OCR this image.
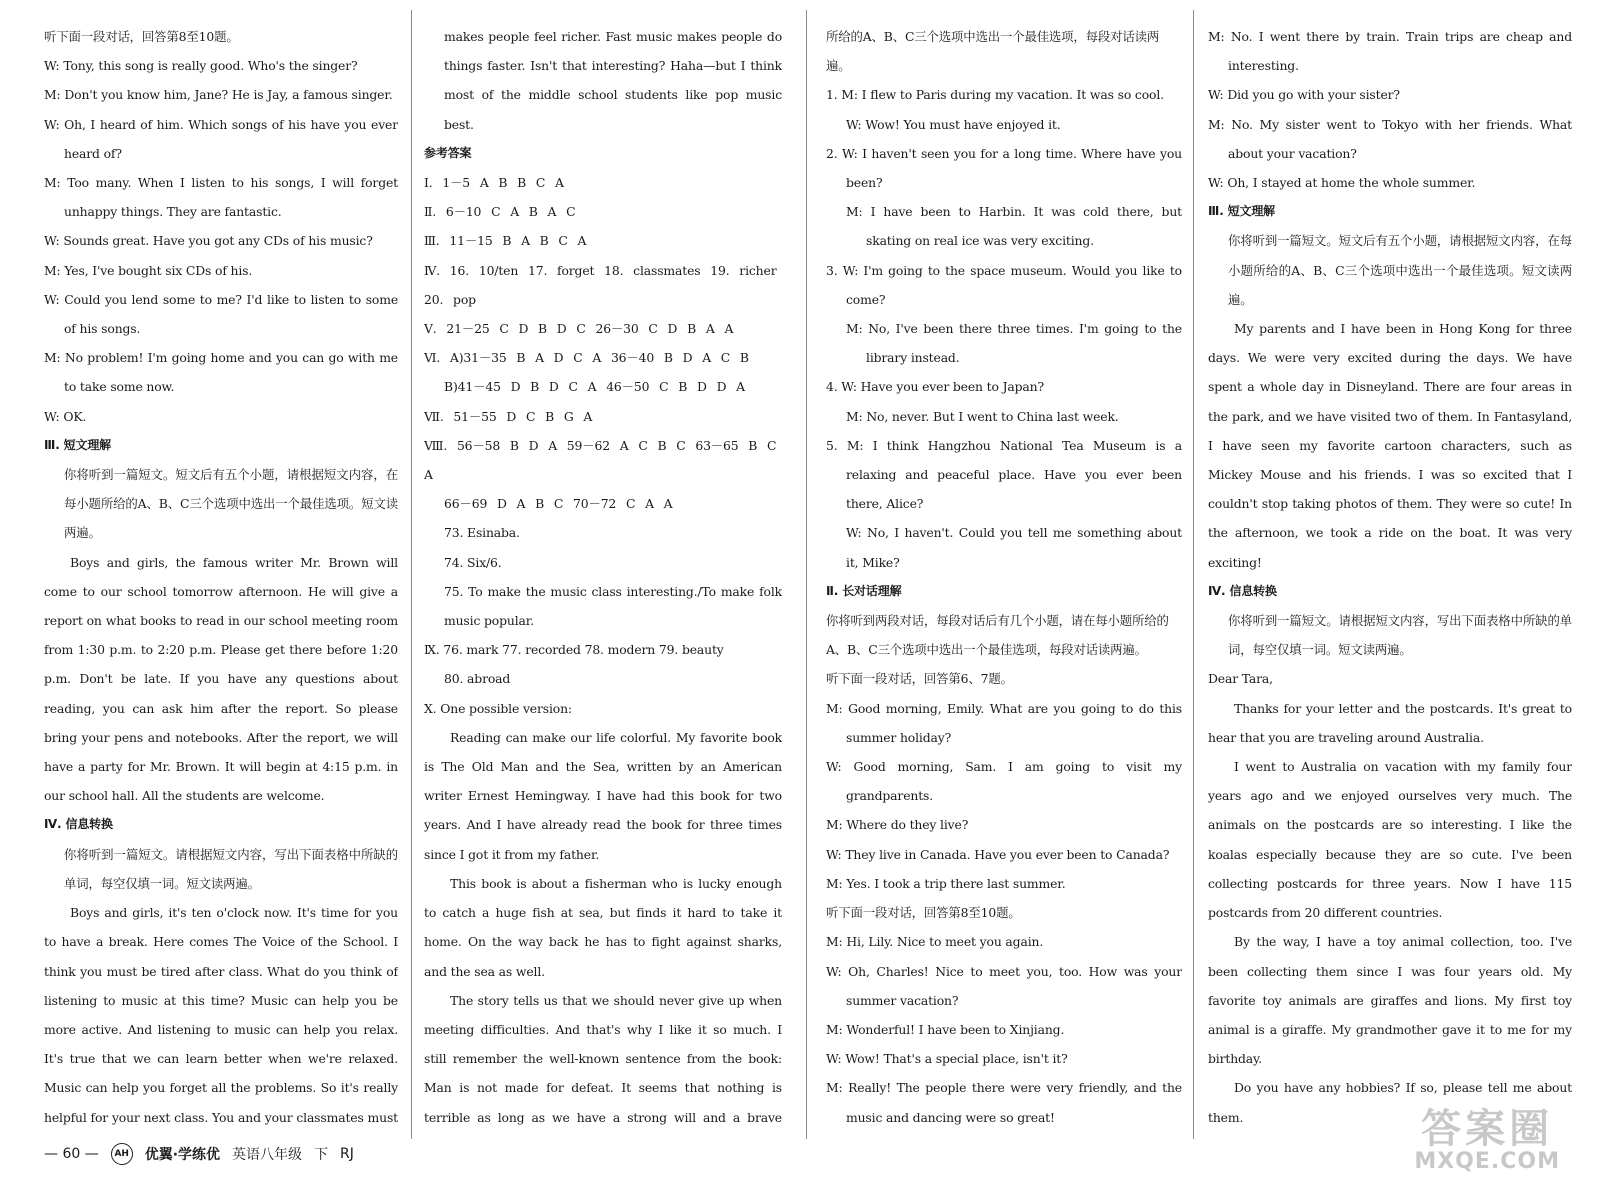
听下面一段对话，回答第8至10题。

W: Tony, this song is really good. Who's the singer?

M: Don't you know him, Jane? He is Jay, a famous singer.

W: Oh, I heard of him. Which songs of his have you ever heard of?

M: Too many. When I listen to his songs, I will forget unhappy things. They are fantastic.

W: Sounds great. Have you got any CDs of his music?

M: Yes, I've bought six CDs of his.

W: Could you lend some to me? I'd like to listen to some of his songs.

M: No problem! I'm going home and you can go with me to take some now.

W: OK.

Ⅲ. 短文理解

你将听到一篇短文。短文后有五个小题，请根据短文内容，在每小题所给的A、B、C三个选项中选出一个最佳选项。短文读两遍。

Boys and girls, the famous writer Mr. Brown will come to our school tomorrow afternoon. He will give a report on what books to read in our school meeting room from 1:30 p.m. to 2:20 p.m. Please get there before 1:20 p.m. Don't be late. If you have any questions about reading, you can ask him after the report. So please bring your pens and notebooks. After the report, we will have a party for Mr. Brown. It will begin at 4:15 p.m. in our school hall. All the students are welcome.

Ⅳ. 信息转换

你将听到一篇短文。请根据短文内容，写出下面表格中所缺的单词，每空仅填一词。短文读两遍。

Boys and girls, it's ten o'clock now. It's time for you to have a break. Here comes The Voice of the School. I think you must be tired after class. What do you think of listening to music at this time? Music can help you be more active. And listening to music can help you relax. It's true that we can learn better when we're relaxed. Music can help you forget all the problems. So it's really helpful for your next class. You and your classmates must

makes people feel richer. Fast music makes people do things faster. Isn't that interesting? Haha—but I think most of the middle school students like pop music best.

参考答案

Ⅰ. 1－5 A B B C A

Ⅱ. 6－10 C A B A C

Ⅲ. 11－15 B A B C A

Ⅳ. 16. 10/ten 17. forget 18. classmates 19. richer 20. pop

Ⅴ. 21－25 C D B D C 26－30 C D B A A

Ⅵ. A)31－35 B A D C A 36－40 B D A C B

B)41－45 D B D C A 46－50 C B D D A

Ⅶ. 51－55 D C B G A

Ⅷ. 56－58 B D A 59－62 A C B C 63－65 B C A

66－69 D A B C 70－72 C A A

73. Esinaba.

74. Six/6.

75. To make the music class interesting./To make folk music popular.

Ⅸ. 76. mark 77. recorded 78. modern 79. beauty

80. abroad

Ⅹ. One possible version:

Reading can make our life colorful. My favorite book is The Old Man and the Sea, written by an American writer Ernest Hemingway. I have had this book for two years. And I have already read the book for three times since I got it from my father.

This book is about a fisherman who is lucky enough to catch a huge fish at sea, but finds it hard to take it home. On the way back he has to fight against sharks, and the sea as well.

The story tells us that we should never give up when meeting difficulties. And that's why I like it so much. I still remember the well-known sentence from the book: Man is not made for defeat. It seems that nothing is terrible as long as we have a strong will and a brave

所给的A、B、C三个选项中选出一个最佳选项，每段对话读两遍。

1. M: I flew to Paris during my vacation. It was so cool.

W: Wow! You must have enjoyed it.

2. W: I haven't seen you for a long time. Where have you been?

M: I have been to Harbin. It was cold there, but skating on real ice was very exciting.

3. W: I'm going to the space museum. Would you like to come?

M: No, I've been there three times. I'm going to the library instead.

4. W: Have you ever been to Japan?

M: No, never. But I went to China last week.

5. M: I think Hangzhou National Tea Museum is a relaxing and peaceful place. Have you ever been there, Alice?

W: No, I haven't. Could you tell me something about it, Mike?

Ⅱ. 长对话理解

你将听到两段对话，每段对话后有几个小题，请在每小题所给的A、B、C三个选项中选出一个最佳选项，每段对话读两遍。

听下面一段对话，回答第6、7题。

M: Good morning, Emily. What are you going to do this summer holiday?

W: Good morning, Sam. I am going to visit my grandparents.

M: Where do they live?

W: They live in Canada. Have you ever been to Canada?

M: Yes. I took a trip there last summer.

听下面一段对话，回答第8至10题。

M: Hi, Lily. Nice to meet you again.

W: Oh, Charles! Nice to meet you, too. How was your summer vacation?

M: Wonderful! I have been to Xinjiang.

W: Wow! That's a special place, isn't it?

M: Really! The people there were very friendly, and the music and dancing were so great!

M: No. I went there by train. Train trips are cheap and interesting.

W: Did you go with your sister?

M: No. My sister went to Tokyo with her friends. What about your vacation?

W: Oh, I stayed at home the whole summer.

Ⅲ. 短文理解

你将听到一篇短文。短文后有五个小题，请根据短文内容，在每小题所给的A、B、C三个选项中选出一个最佳选项。短文读两遍。

My parents and I have been in Hong Kong for three days. We were very excited during the days. We have spent a whole day in Disneyland. There are four areas in the park, and we have visited two of them. In Fantasyland, I have seen my favorite cartoon characters, such as Mickey Mouse and his friends. I was so excited that I couldn't stop taking photos of them. They were so cute! In the afternoon, we took a ride on the boat. It was very exciting!

Ⅳ. 信息转换

你将听到一篇短文。请根据短文内容，写出下面表格中所缺的单词，每空仅填一词。短文读两遍。

Dear Tara,

Thanks for your letter and the postcards. It's great to hear that you are traveling around Australia.

I went to Australia on vacation with my family four years ago and we enjoyed ourselves very much. The animals on the postcards are so interesting. I like the koalas especially because they are so cute. I've been collecting postcards for three years. Now I have 115 postcards from 20 different countries.

By the way, I have a toy animal collection, too. I've been collecting them since I was four years old. My favorite toy animals are giraffes and lions. My first toy animal is a giraffe. My grandmother gave it to me for my birthday.

Do you have any hobbies? If so, please tell me about them.

— 60 —	AH 优翼·学练优 英语八年级 下 RJ
答案圈
MXQE.COM
